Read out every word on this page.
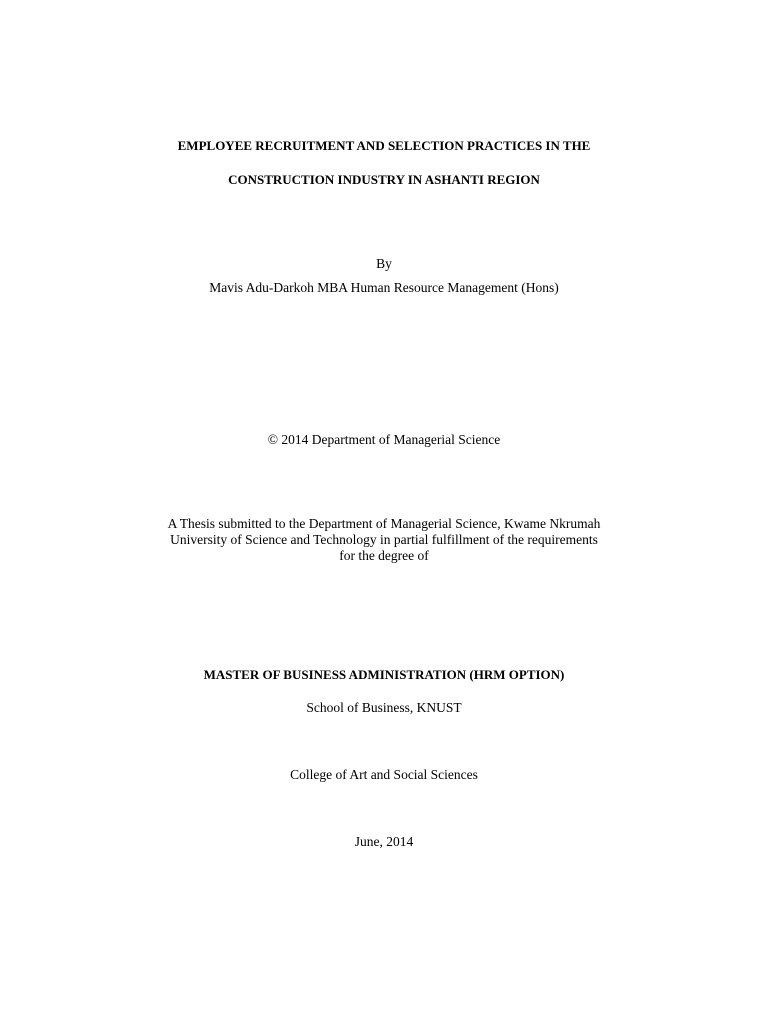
EMPLOYEE RECRUITMENT AND SELECTION PRACTICES IN THE
CONSTRUCTION INDUSTRY IN ASHANTI REGION
By
Mavis Adu-Darkoh MBA Human Resource Management (Hons)
© 2014 Department of Managerial Science
A Thesis submitted to the Department of Managerial Science, Kwame Nkrumah
University of Science and Technology in partial fulfillment of the requirements
for the degree of
MASTER OF BUSINESS ADMINISTRATION (HRM OPTION)
School of Business, KNUST
College of Art and Social Sciences
June, 2014
